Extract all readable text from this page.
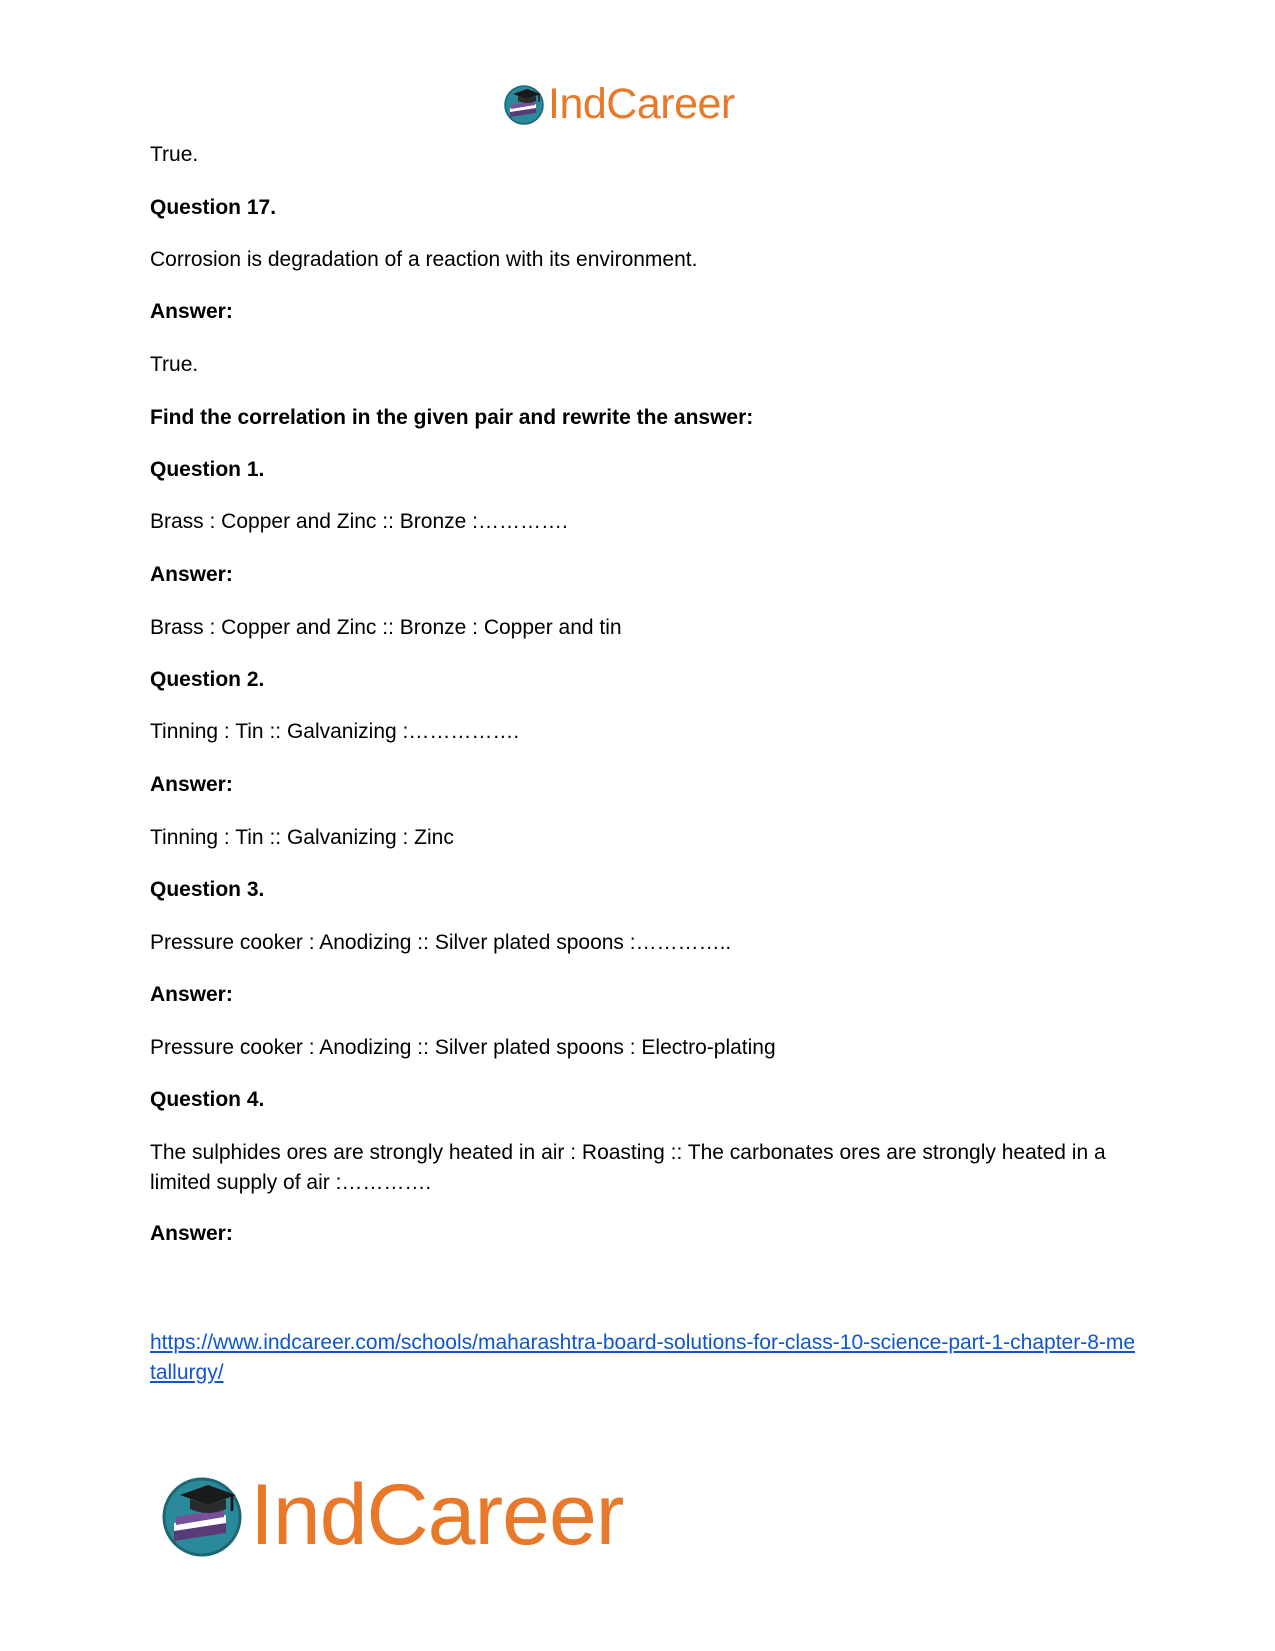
IndCareer
True.
Question 17.
Corrosion is degradation of a reaction with its environment.
Answer:
True.
Find the correlation in the given pair and rewrite the answer:
Question 1.
Brass : Copper and Zinc :: Bronze :………….
Answer:
Brass : Copper and Zinc :: Bronze : Copper and tin
Question 2.
Tinning : Tin :: Galvanizing :…………….
Answer:
Tinning : Tin :: Galvanizing : Zinc
Question 3.
Pressure cooker : Anodizing :: Silver plated spoons :…………..
Answer:
Pressure cooker : Anodizing :: Silver plated spoons : Electro-plating
Question 4.
The sulphides ores are strongly heated in air : Roasting :: The carbonates ores are strongly heated in a limited supply of air :………….
Answer:
https://www.indcareer.com/schools/maharashtra-board-solutions-for-class-10-science-part-1-chapter-8-metallurgy/
IndCareer
